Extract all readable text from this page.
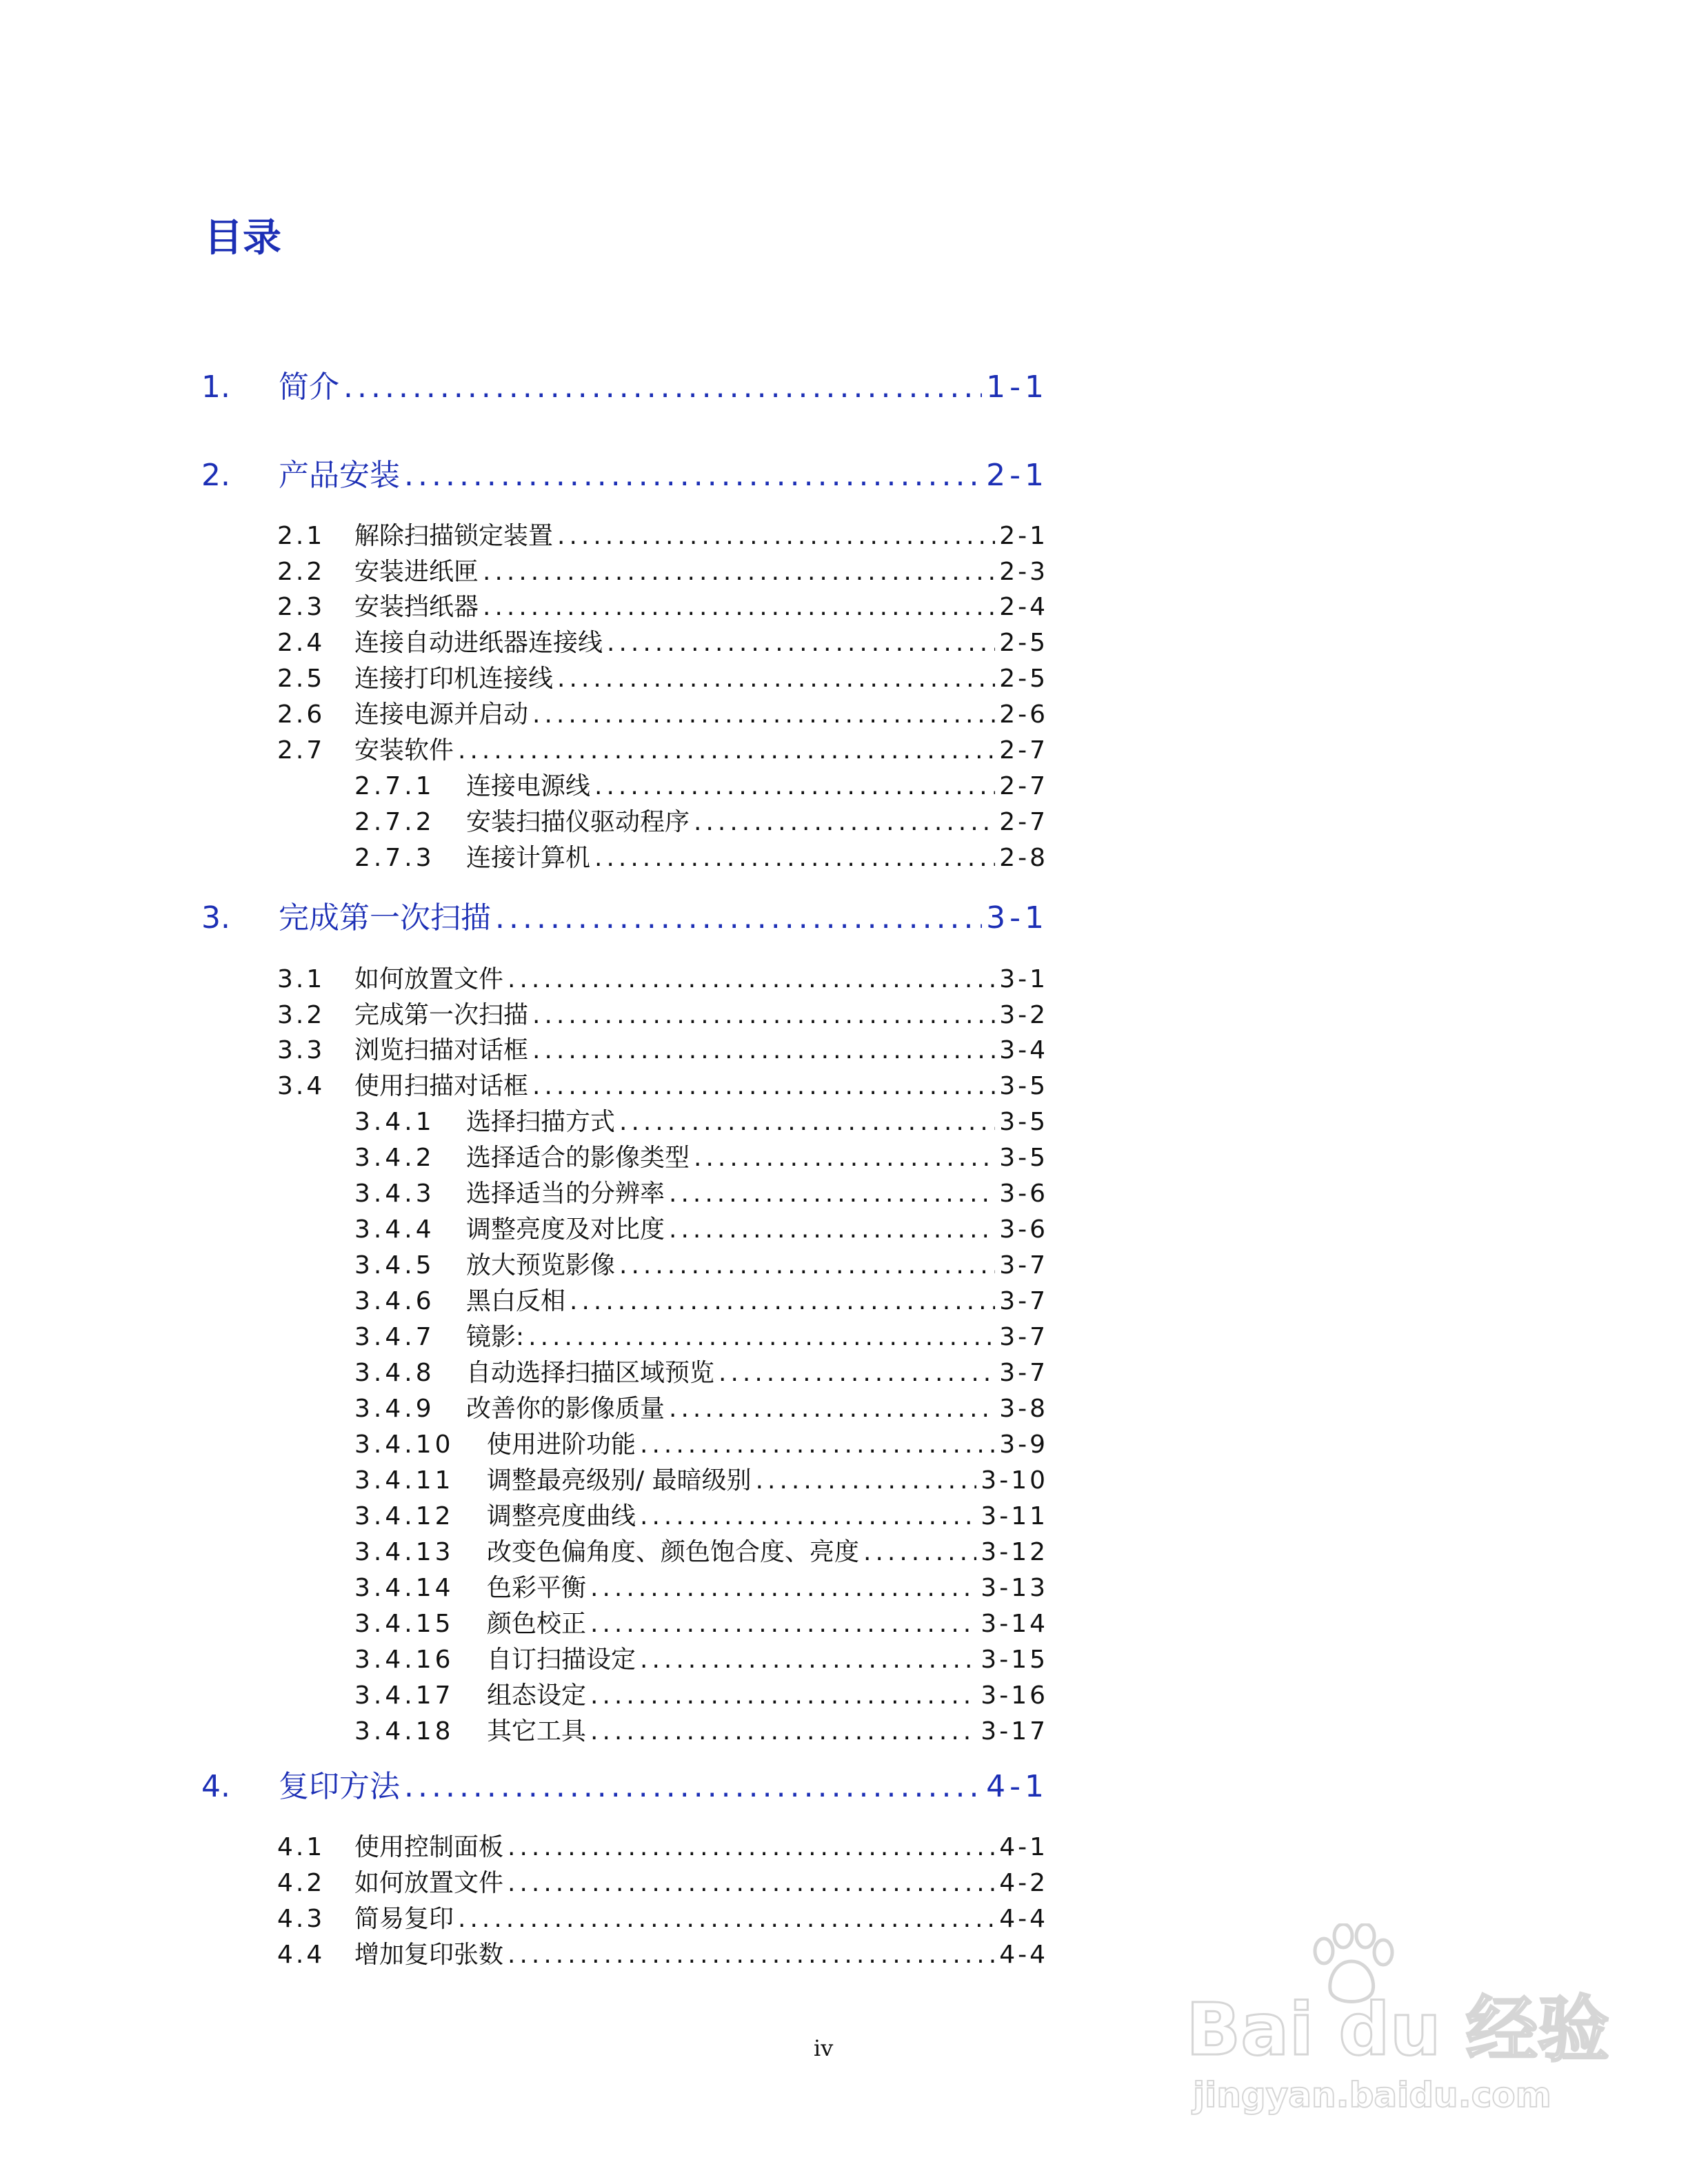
目录
1.	简介 .....	1-1
2.	产品安装 .....	2-1
2.1	解除扫描锁定装置 .....	2-1
2.2	安装进纸匣 .....	2-3
2.3	安装挡纸器 .....	2-4
2.4	连接自动进纸器连接线 .....	2-5
2.5	连接打印机连接线 .....	2-5
2.6	连接电源并启动 .....	2-6
2.7	安装软件 .....	2-7
2.7.1	连接电源线 .....	2-7
2.7.2	安装扫描仪驱动程序 .....	2-7
2.7.3	连接计算机 .....	2-8
3.	完成第一次扫描 .....	3-1
3.1	如何放置文件 .....	3-1
3.2	完成第一次扫描 .....	3-2
3.3	浏览扫描对话框 .....	3-4
3.4	使用扫描对话框 .....	3-5
3.4.1	选择扫描方式 .....	3-5
3.4.2	选择适合的影像类型 .....	3-5
3.4.3	选择适当的分辨率 .....	3-6
3.4.4	调整亮度及对比度 .....	3-6
3.4.5	放大预览影像 .....	3-7
3.4.6	黑白反相 .....	3-7
3.4.7	镜影: .....	3-7
3.4.8	自动选择扫描区域预览 .....	3-7
3.4.9	改善你的影像质量 .....	3-8
3.4.10	使用进阶功能 .....	3-9
3.4.11	调整最亮级别/ 最暗级别 .....	3-10
3.4.12	调整亮度曲线 .....	3-11
3.4.13	改变色偏角度、颜色饱合度、亮度 .....	3-12
3.4.14	色彩平衡 .....	3-13
3.4.15	颜色校正 .....	3-14
3.4.16	自订扫描设定 .....	3-15
3.4.17	组态设定 .....	3-16
3.4.18	其它工具 .....	3-17
4.	复印方法 .....	4-1
4.1	使用控制面板 .....	4-1
4.2	如何放置文件 .....	4-2
4.3	简易复印 .....	4-4
4.4	增加复印张数 .....	4-4
iv	Bai du 经验
jingyan.baidu.com
